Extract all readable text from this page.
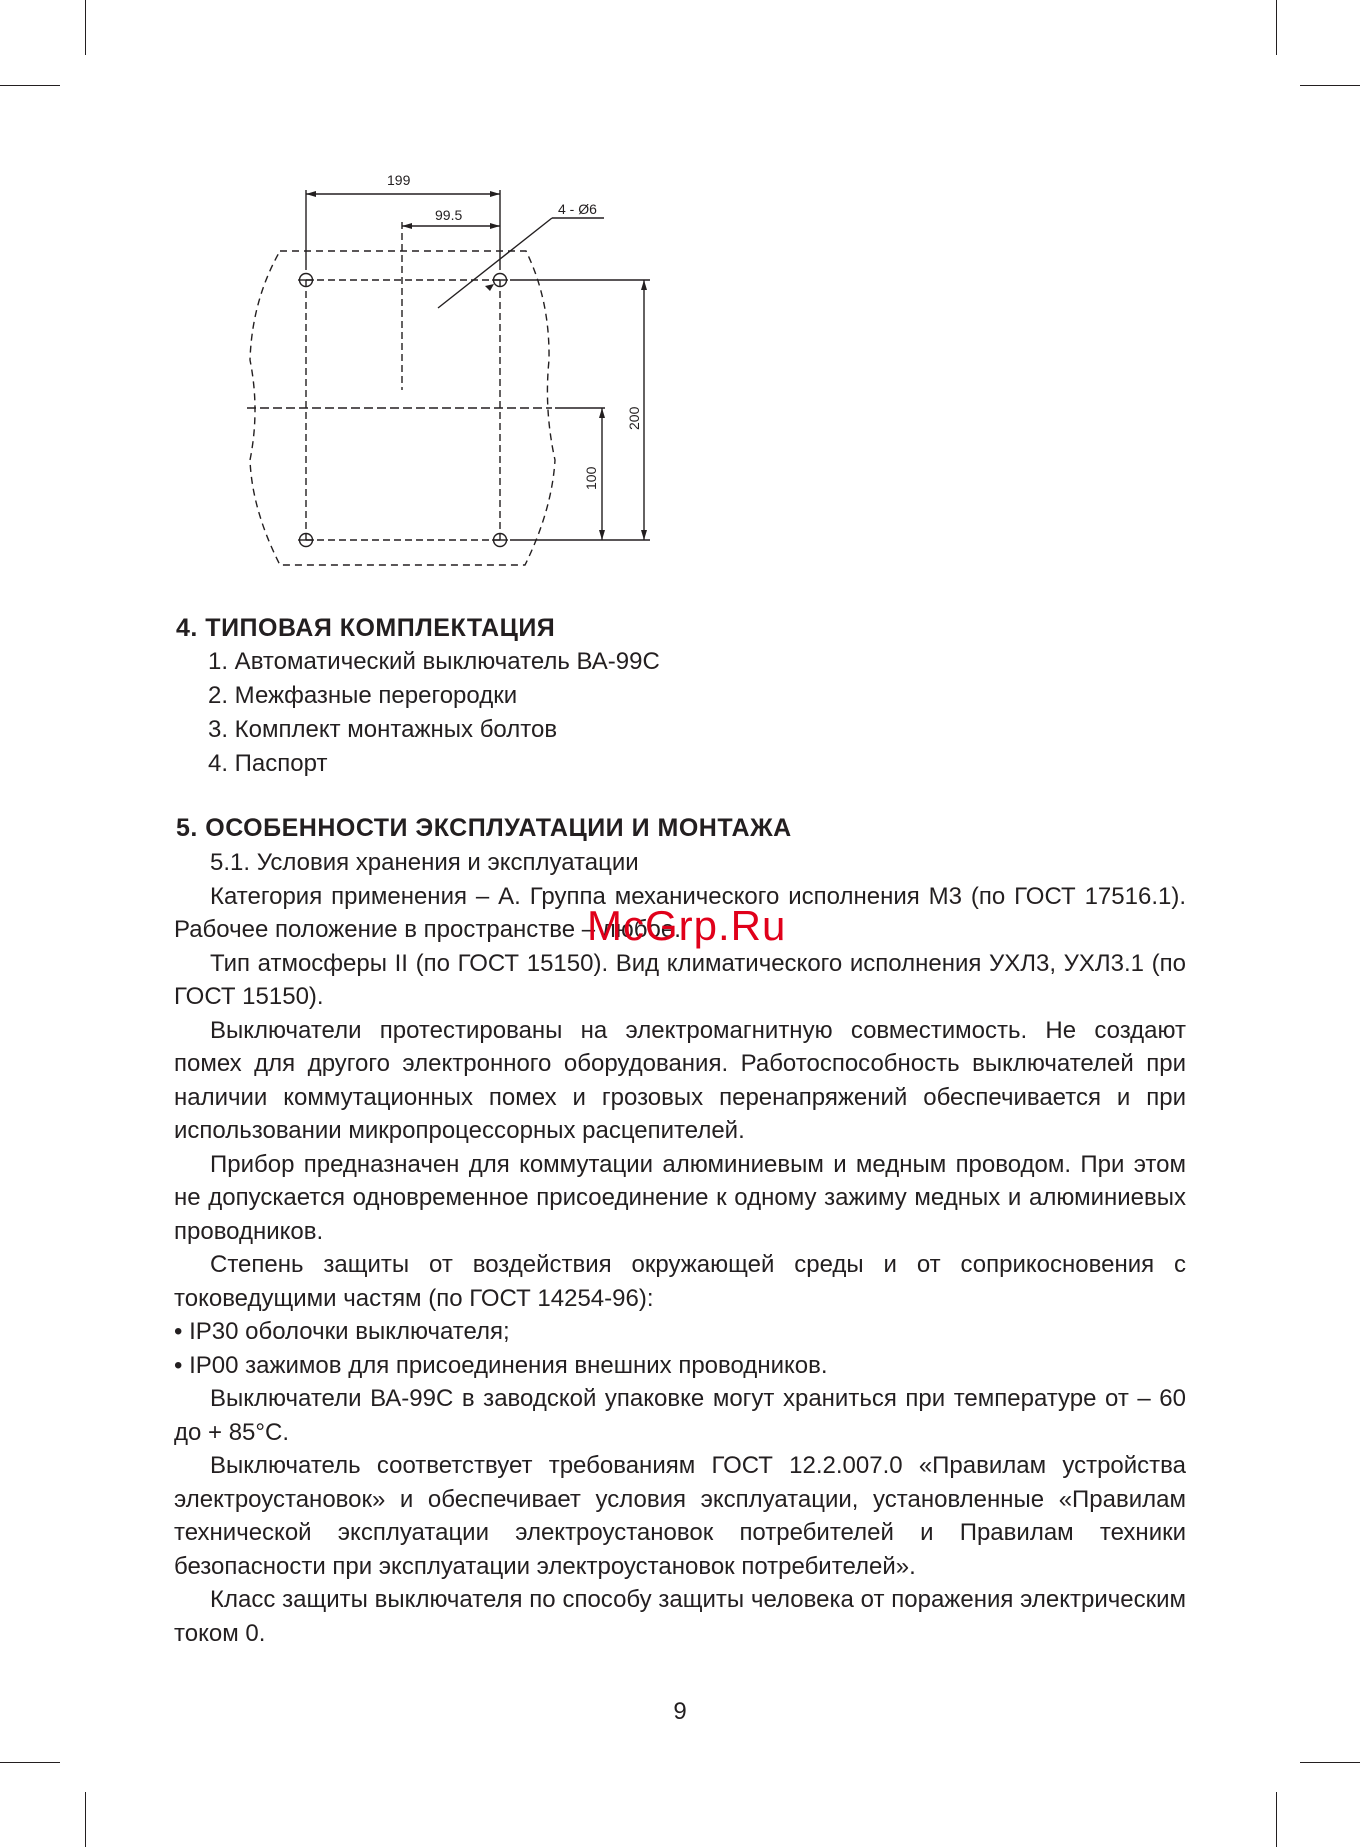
199
99.5	4 - Ø6
200
100
4. ТИПОВАЯ КОМПЛЕКТАЦИЯ
1. Автоматический выключатель ВА-99С
2. Межфазные перегородки
3. Комплект монтажных болтов
4. Паспорт
5. ОСОБЕННОСТИ ЭКСПЛУАТАЦИИ И МОНТАЖА

5.1. Условия хранения и эксплуатации

Категория применения – А. Группа механического исполнения М3 (по ГОСТ 17516.1). Рабочее положение в пространстве – любое.

Тип атмосферы II (по ГОСТ 15150). Вид климатического исполнения УХЛ3, УХЛ3.1 (по ГОСТ 15150).

Выключатели протестированы на электромагнитную совместимость. Не создают помех для другого электронного оборудования. Работоспособность выключателей при наличии коммутационных помех и грозовых перенапряжений обеспечивается и при использовании микропроцессорных расцепителей.

Прибор предназначен для коммутации алюминиевым и медным проводом. При этом не допускается одновременное присоединение к одному зажиму медных и алюминиевых проводников.

Степень защиты от воздействия окружающей среды и от соприкосновения с токоведущими частям (по ГОСТ 14254-96):

• IP30 оболочки выключателя;

• IP00 зажимов для присоединения внешних проводников.

Выключатели ВА-99С в заводской упаковке могут храниться при температуре от – 60 до + 85°С.

Выключатель соответствует требованиям ГОСТ 12.2.007.0 «Правилам устройства электроустановок» и обеспечивает условия эксплуатации, установленные «Правилам технической эксплуатации электроустановок потребителей и Правилам техники безопасности при эксплуатации электроустановок потребителей».

Класс защиты выключателя по способу защиты человека от поражения электрическим током 0.

McGrp.Ru
9
